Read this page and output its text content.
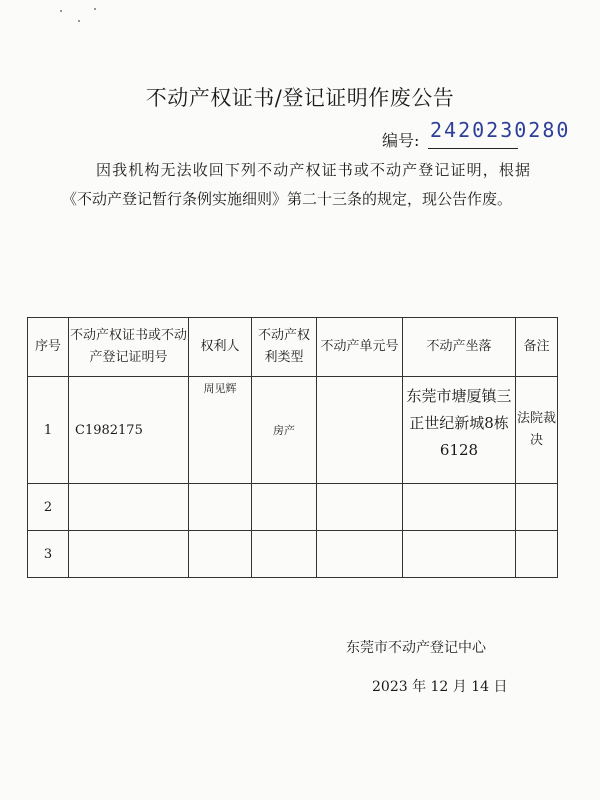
不动产权证书/登记证明作废公告
编号: 2420230280
因我机构无法收回下列不动产权证书或不动产登记证明，根据《不动产登记暂行条例实施细则》第二十三条的规定，现公告作废。
序号	不动产权证书或不动产登记证明号	权利人	不动产权利类型	不动产单元号	不动产坐落	备注
1	C1982175	周见辉	房产		东莞市塘厦镇三正世纪新城8栋6128	法院裁决
2						
3						
东莞市不动产登记中心
2023 年 12 月 14 日
